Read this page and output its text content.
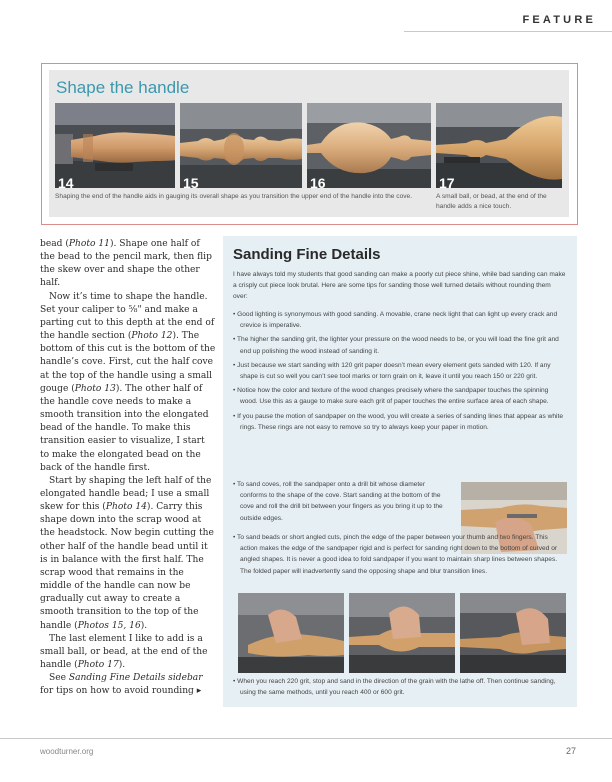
FEATURE
Shape the handle
14	15	16	17
Shaping the end of the handle aids in gauging its overall shape as you transition the upper end of the handle into the cove.	A small ball, or bead, at the end of the handle adds a nice touch.

bead (Photo 11). Shape one half of the bead to the pencil mark, then flip the skew over and shape the other half.

Now it’s time to shape the handle. Set your caliper to ⅝" and make a parting cut to this depth at the end of the handle section (Photo 12). The bottom of this cut is the bottom of the handle’s cove. First, cut the half cove at the top of the handle using a small gouge (Photo 13). The other half of the handle cove needs to make a smooth transition into the elongated bead of the handle. To make this transition easier to visualize, I start to make the elongated bead on the back of the handle first.

Start by shaping the left half of the elongated handle bead; I use a small skew for this (Photo 14). Carry this shape down into the scrap wood at the headstock. Now begin cutting the other half of the handle bead until it is in balance with the first half. The scrap wood that remains in the middle of the handle can now be gradually cut away to create a smooth transition to the top of the handle (Photos 15, 16).

The last element I like to add is a small ball, or bead, at the end of the handle (Photo 17).

See Sanding Fine Details sidebar for tips on how to avoid rounding ▸

Sanding Fine Details
I have always told my students that good sanding can make a poorly cut piece shine, while bad sanding can make a crisply cut piece look brutal. Here are some tips for sanding those well turned details without rounding them over:
• Good lighting is synonymous with good sanding. A movable, crane neck light that can light up every crack and crevice is imperative.
• The higher the sanding grit, the lighter your pressure on the wood needs to be, or you will load the fine grit and end up polishing the wood instead of sanding it.
• Just because we start sanding with 120 grit paper doesn’t mean every element gets sanded with 120. If any shape is cut so well you can’t see tool marks or torn grain on it, leave it until you reach 150 or 220 grit.
• Notice how the color and texture of the wood changes precisely where the sandpaper touches the spinning wood. Use this as a gauge to make sure each grit of paper touches the entire surface area of each shape.
• If you pause the motion of sandpaper on the wood, you will create a series of sanding lines that appear as white rings. These rings are not easy to remove so try to always keep your paper in motion.
• To sand coves, roll the sandpaper onto a drill bit whose diameter conforms to the shape of the cove. Start sanding at the bottom of the cove and roll the drill bit between your fingers as you bring it up to the outside edges.
• To sand beads or short angled cuts, pinch the edge of the paper between your thumb and two fingers. This action makes the edge of the sandpaper rigid and is perfect for sanding right down to the bottom of curved or angled shapes. It is never a good idea to fold sandpaper if you want to maintain sharp lines between shapes. The folded paper will inadvertently sand the opposing shape and blur transition lines.
• When you reach 220 grit, stop and sand in the direction of the grain with the lathe off. Then continue sanding, using the same methods, until you reach 400 or 600 grit.
woodturner.org	27
